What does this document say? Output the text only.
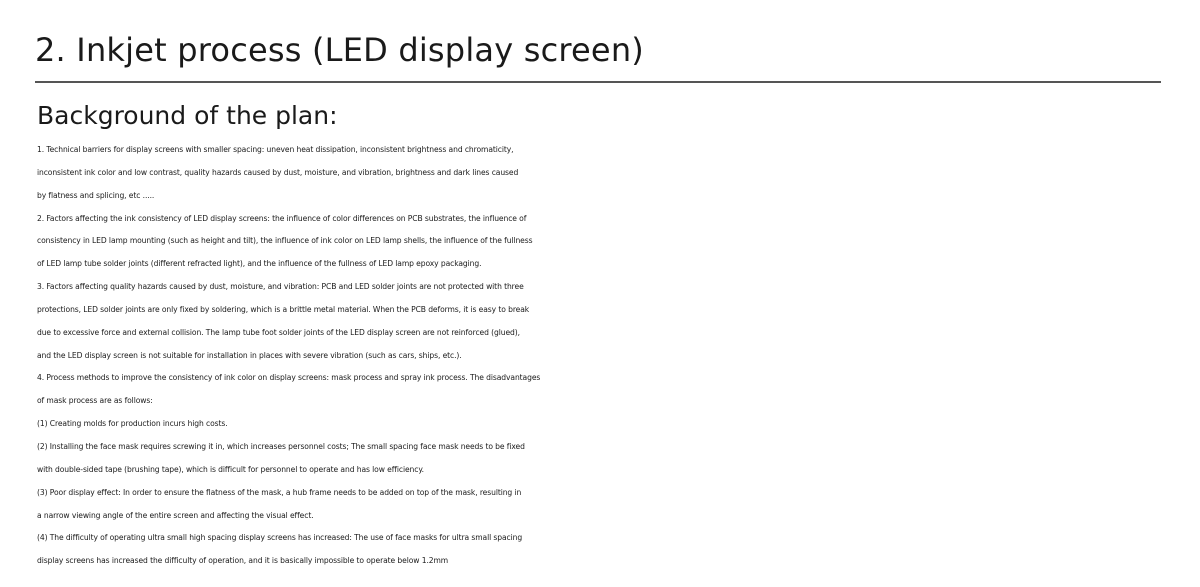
2. Inkjet process (LED display screen)
Background of the plan:
1. Technical barriers for display screens with smaller spacing: uneven heat dissipation, inconsistent brightness and chromaticity,
inconsistent ink color and low contrast, quality hazards caused by dust, moisture, and vibration, brightness and dark lines caused
by flatness and splicing, etc .....
2. Factors affecting the ink consistency of LED display screens: the influence of color differences on PCB substrates, the influence of
consistency in LED lamp mounting (such as height and tilt), the influence of ink color on LED lamp shells, the influence of the fullness
of LED lamp tube solder joints (different refracted light), and the influence of the fullness of LED lamp epoxy packaging.
3. Factors affecting quality hazards caused by dust, moisture, and vibration: PCB and LED solder joints are not protected with three
protections, LED solder joints are only fixed by soldering, which is a brittle metal material. When the PCB deforms, it is easy to break
due to excessive force and external collision. The lamp tube foot solder joints of the LED display screen are not reinforced (glued),
and the LED display screen is not suitable for installation in places with severe vibration (such as cars, ships, etc.).
4. Process methods to improve the consistency of ink color on display screens: mask process and spray ink process. The disadvantages
of mask process are as follows:
(1) Creating molds for production incurs high costs.
(2) Installing the face mask requires screwing it in, which increases personnel costs; The small spacing face mask needs to be fixed
with double-sided tape (brushing tape), which is difficult for personnel to operate and has low efficiency.
(3) Poor display effect: In order to ensure the flatness of the mask, a hub frame needs to be added on top of the mask, resulting in
a narrow viewing angle of the entire screen and affecting the visual effect.
(4) The difficulty of operating ultra small high spacing display screens has increased: The use of face masks for ultra small spacing
display screens has increased the difficulty of operation, and it is basically impossible to operate below 1.2mm
